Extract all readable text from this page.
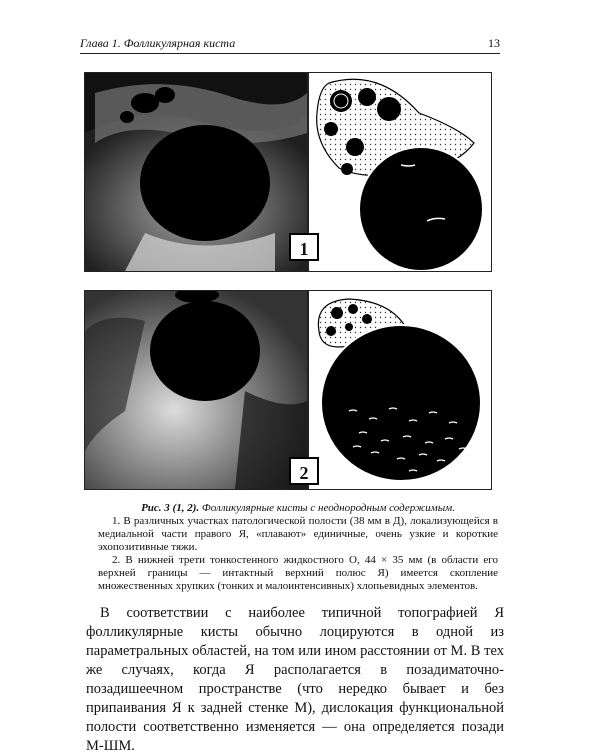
Глава 1. Фолликулярная киста	13
1
2
Рис. 3 (1, 2). Фолликулярные кисты с неоднородным содержимым.

1. В различных участках патологической полости (38 мм в Д), локализующейся в медиальной части правого Я, «плавают» единичные, очень узкие и короткие эхопозитивные тяжи.

2. В нижней трети тонкостенного жидкостного О, 44 × 35 мм (в области его верхней границы — интактный верхний полюс Я) имеется скопление множественных хрупких (тонких и малоинтенсивных) хлопьевидных элементов.

В соответствии с наиболее типичной топографией Я фолликулярные кисты обычно лоцируются в одной из параметральных областей, на том или ином расстоянии от М. В тех же случаях, когда Я располагается в позадиматочно-позадишеечном пространстве (что нередко бывает и без припаивания Я к задней стенке М), дислокация функциональной полости соответственно изменяется — она определяется позади М-ШМ.
